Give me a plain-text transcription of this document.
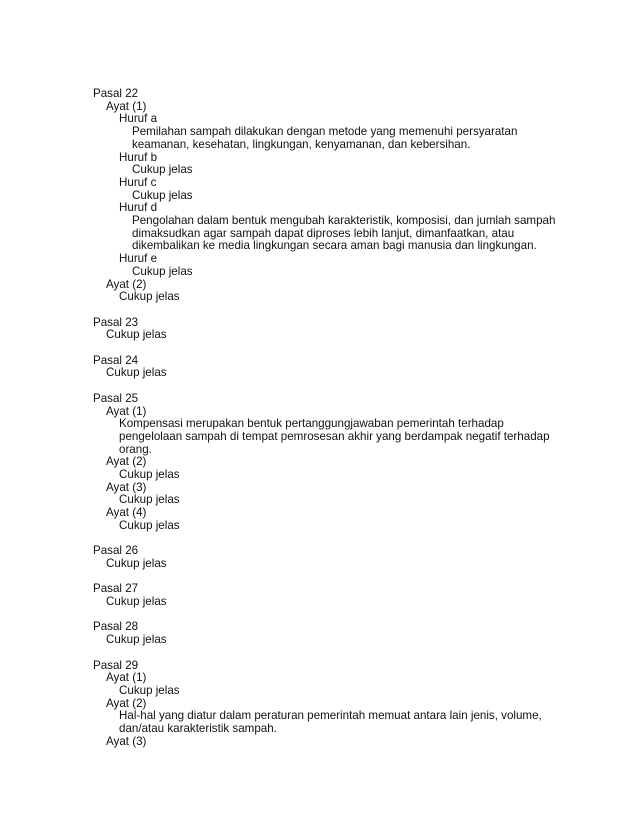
Pasal 22
Ayat (1)
Huruf a
Pemilahan sampah dilakukan dengan metode yang memenuhi persyaratan
keamanan, kesehatan, lingkungan, kenyamanan, dan kebersihan.
Huruf b
Cukup jelas
Huruf c
Cukup jelas
Huruf d
Pengolahan dalam bentuk mengubah karakteristik, komposisi, dan jumlah sampah
dimaksudkan agar sampah dapat diproses lebih lanjut, dimanfaatkan, atau
dikembalikan ke media lingkungan secara aman bagi manusia dan lingkungan.
Huruf e
Cukup jelas
Ayat (2)
Cukup jelas
Pasal 23
Cukup jelas
Pasal 24
Cukup jelas
Pasal 25
Ayat (1)
Kompensasi merupakan bentuk pertanggungjawaban pemerintah terhadap
pengelolaan sampah di tempat pemrosesan akhir yang berdampak negatif terhadap
orang.
Ayat (2)
Cukup jelas
Ayat (3)
Cukup jelas
Ayat (4)
Cukup jelas
Pasal 26
Cukup jelas
Pasal 27
Cukup jelas
Pasal 28
Cukup jelas
Pasal 29
Ayat (1)
Cukup jelas
Ayat (2)
Hal-hal yang diatur dalam peraturan pemerintah memuat antara lain jenis, volume,
dan/atau karakteristik sampah.
Ayat (3)
